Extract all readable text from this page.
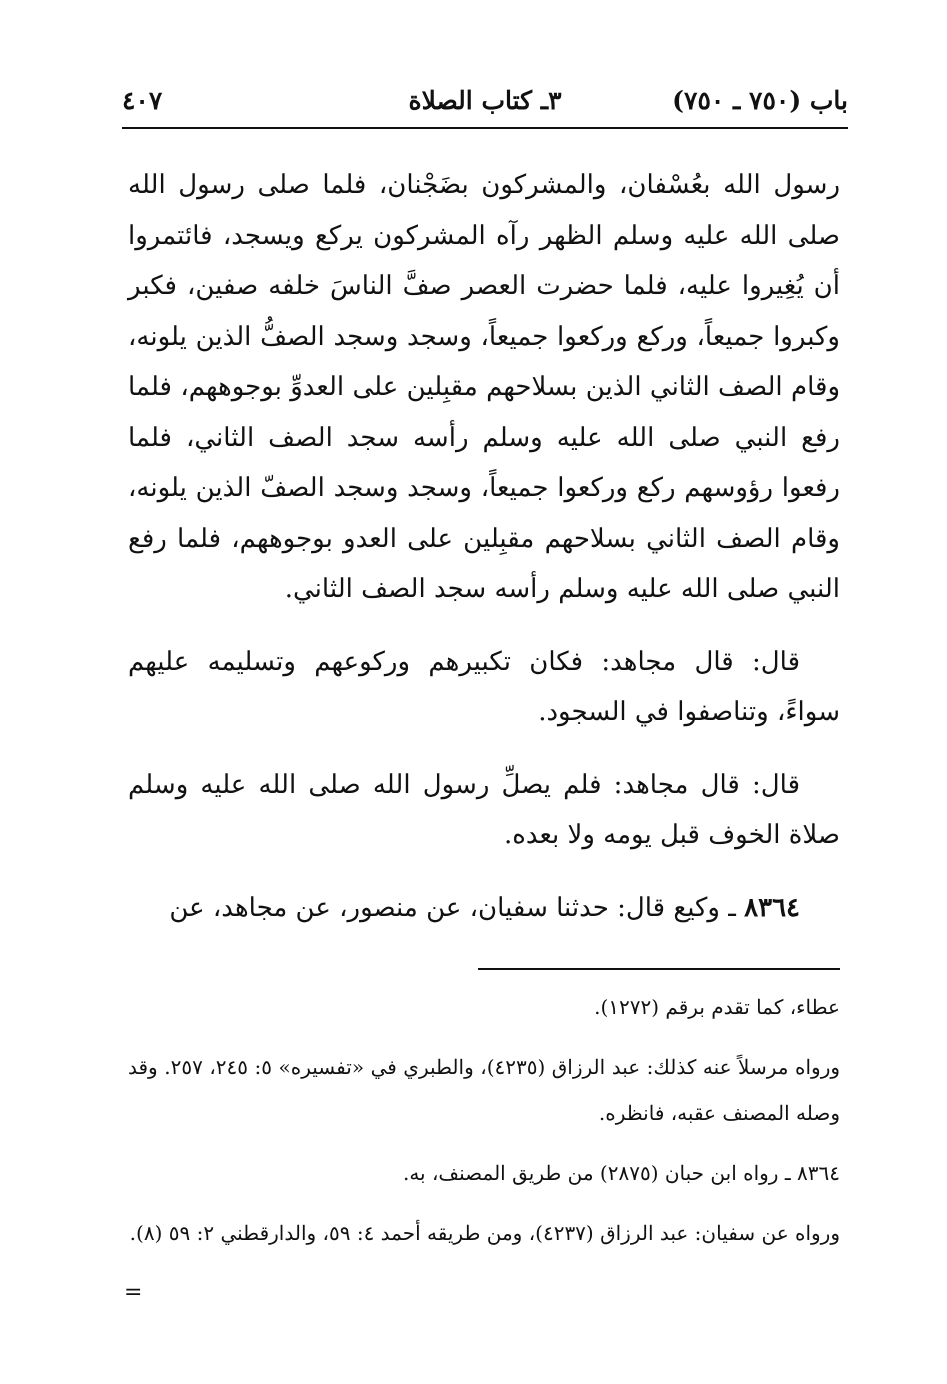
باب (٧٥٠ ـ ٧٥٠)
٣ـ كتاب الصلاة
٤٠٧

رسول الله بعُسْفان، والمشركون بضَجْنان، فلما صلى رسول الله صلى الله عليه وسلم الظهر رآه المشركون يركع ويسجد، فائتمروا أن يُغِيروا عليه، فلما حضرت العصر صفَّ الناسَ خلفه صفين، فكبر وكبروا جميعاً، وركع وركعوا جميعاً، وسجد وسجد الصفُّ الذين يلونه، وقام الصف الثاني الذين بسلاحهم مقبِلين على العدوِّ بوجوههم، فلما رفع النبي صلى الله عليه وسلم رأسه سجد الصف الثاني، فلما رفعوا رؤوسهم ركع وركعوا جميعاً، وسجد وسجد الصفّ الذين يلونه، وقام الصف الثاني بسلاحهم مقبِلين على العدو بوجوههم، فلما رفع النبي صلى الله عليه وسلم رأسه سجد الصف الثاني.

قال: قال مجاهد: فكان تكبيرهم وركوعهم وتسليمه عليهم سواءً، وتناصفوا في السجود.

قال: قال مجاهد: فلم يصلِّ رسول الله صلى الله عليه وسلم صلاة الخوف قبل يومه ولا بعده.

٨٣٦٤ ـ وكيع قال: حدثنا سفيان، عن منصور، عن مجاهد، عن

عطاء، كما تقدم برقم (١٢٧٢).

ورواه مرسلاً عنه كذلك: عبد الرزاق (٤٢٣٥)، والطبري في «تفسيره» ٥: ٢٤٥، ٢٥٧. وقد وصله المصنف عقبه، فانظره.

٨٣٦٤ ـ رواه ابن حبان (٢٨٧٥) من طريق المصنف، به.

ورواه عن سفيان: عبد الرزاق (٤٢٣٧)، ومن طريقه أحمد ٤: ٥٩، والدارقطني ٢: ٥٩ (٨).

=
